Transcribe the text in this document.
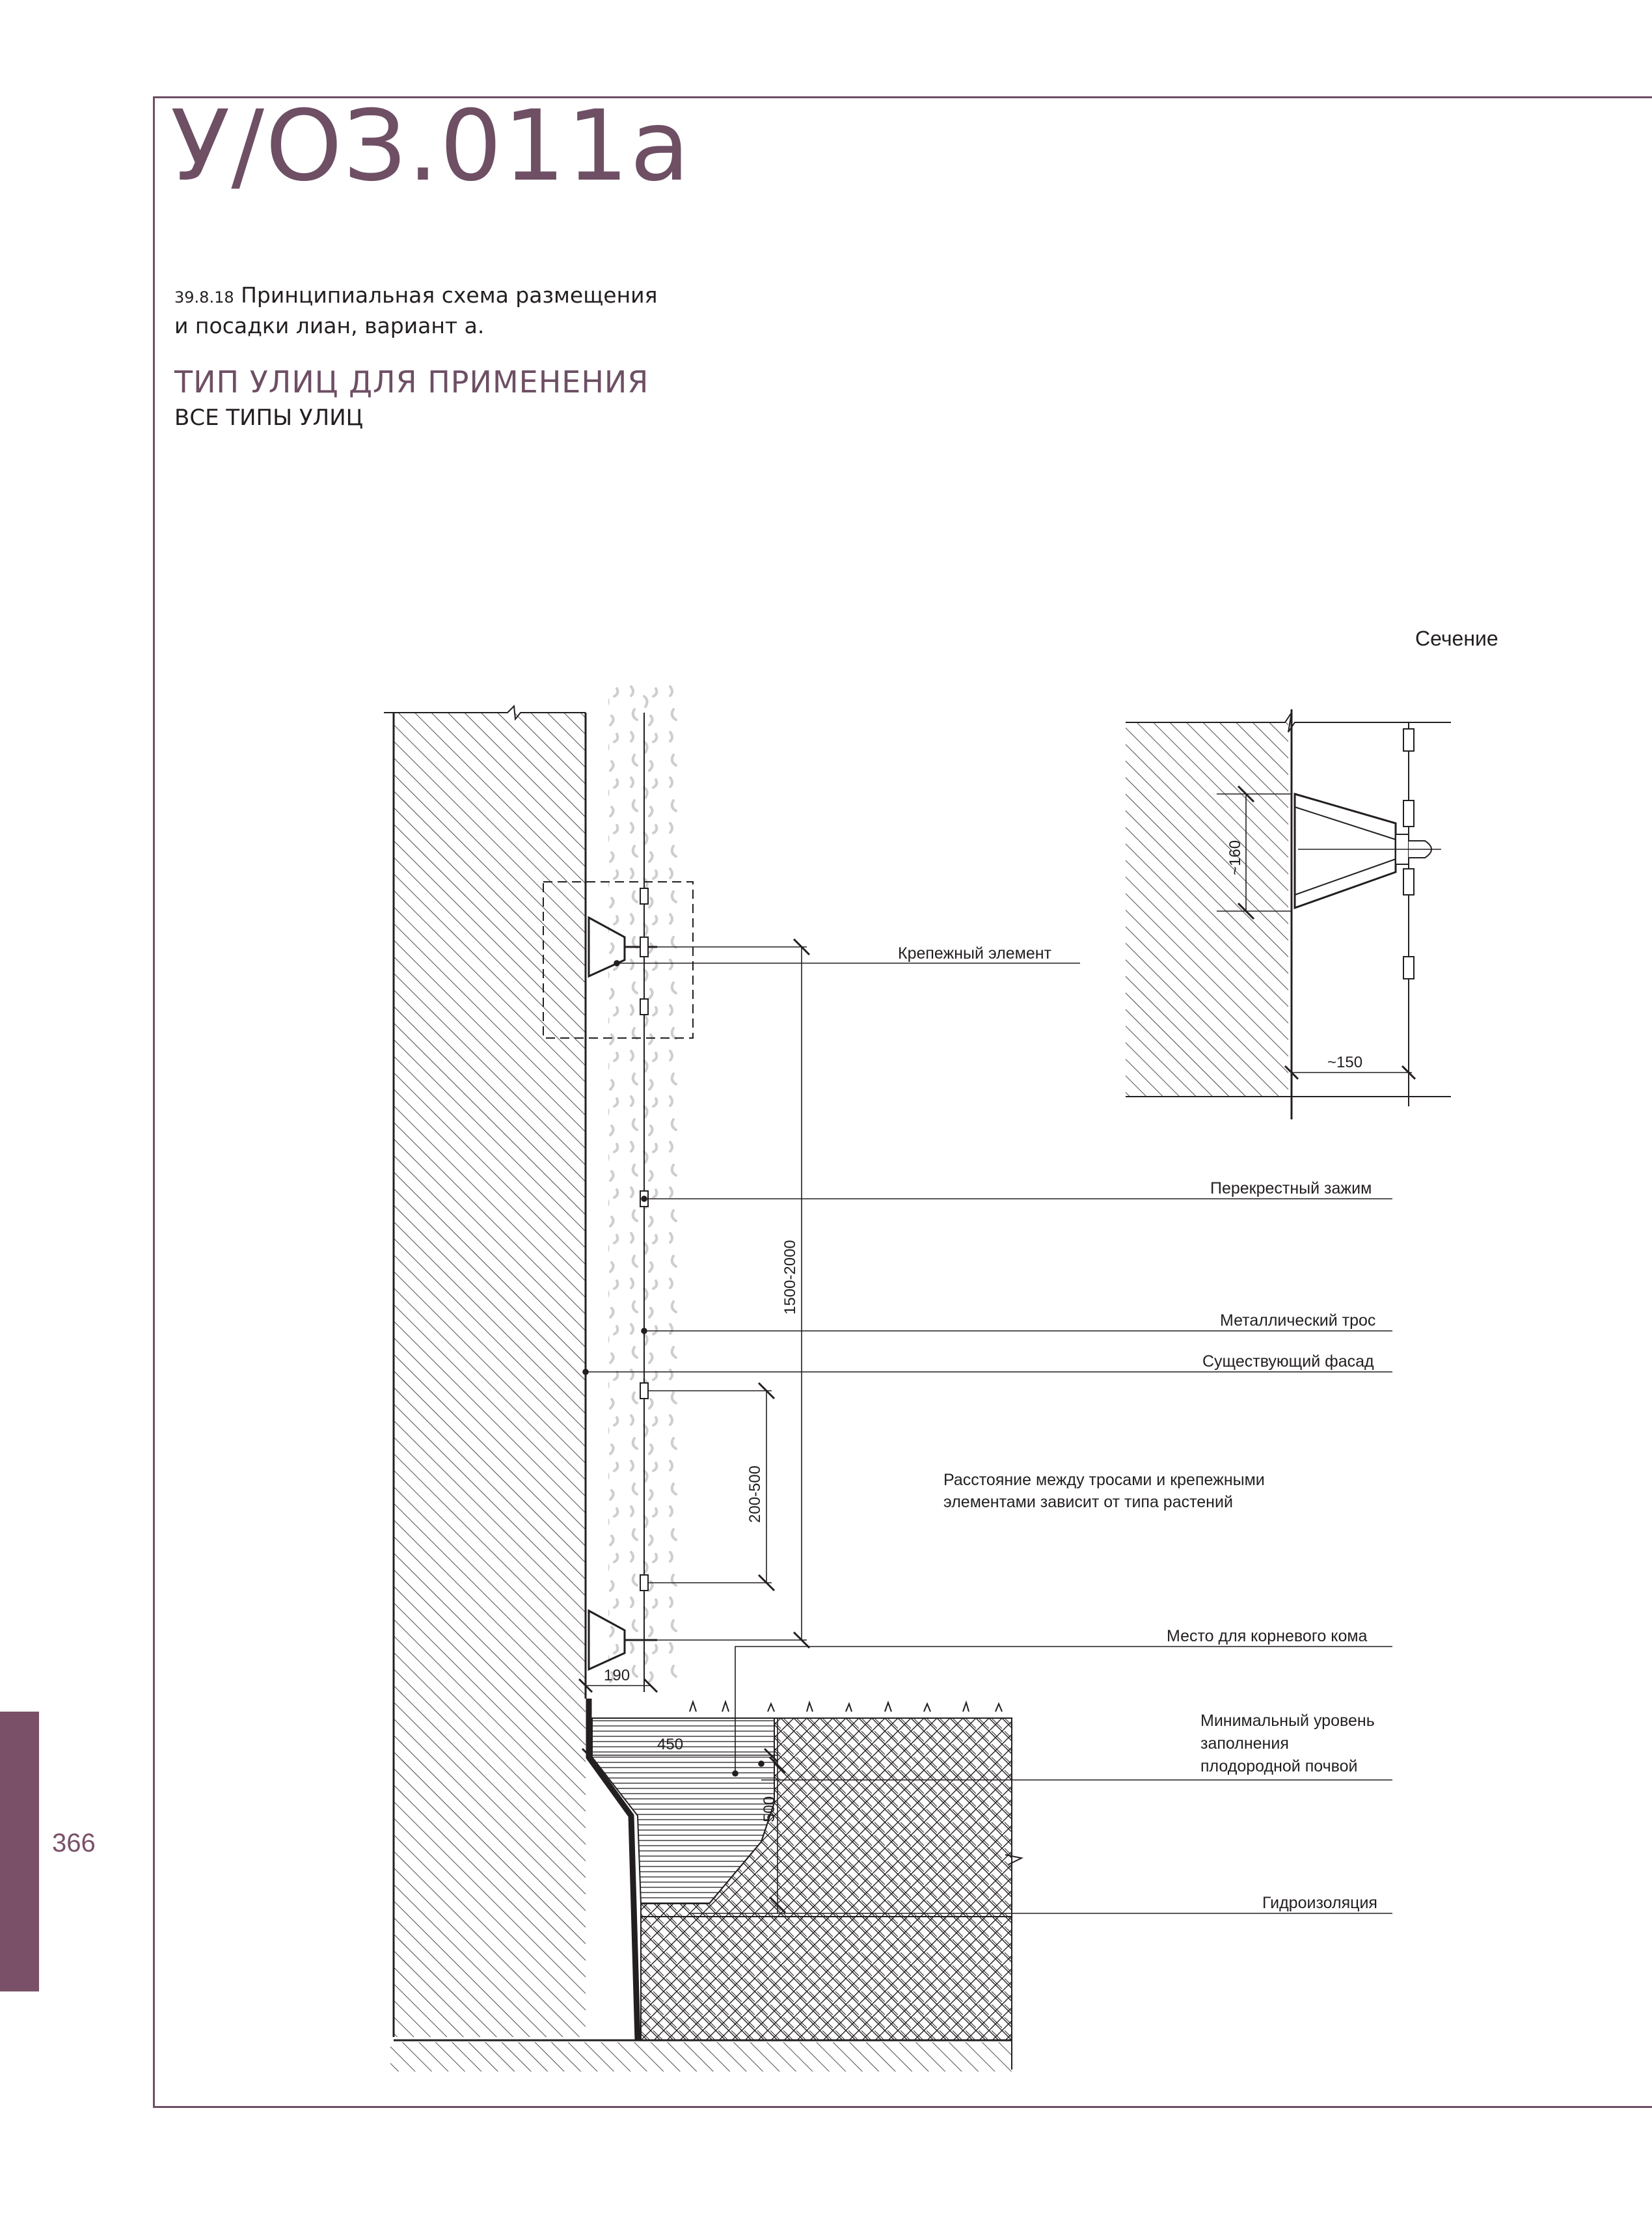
366
У/ОЗ.011а
39.8.18 Принципиальная схема размещения
и посадки лиан, вариант а.
ТИП УЛИЦ ДЛЯ ПРИМЕНЕНИЯ
ВСЕ ТИПЫ УЛИЦ
1500-2000
200-500
190
450
500
Крепежный элемент
Перекрестный зажим
Металлический трос
Существующий фасад
Расстояние между тросами и крепежными
элементами зависит от типа растений
Место для корневого кома
Минимальный уровень
заполнения
плодородной почвой
Гидроизоляция
Сечение
~160
~150
